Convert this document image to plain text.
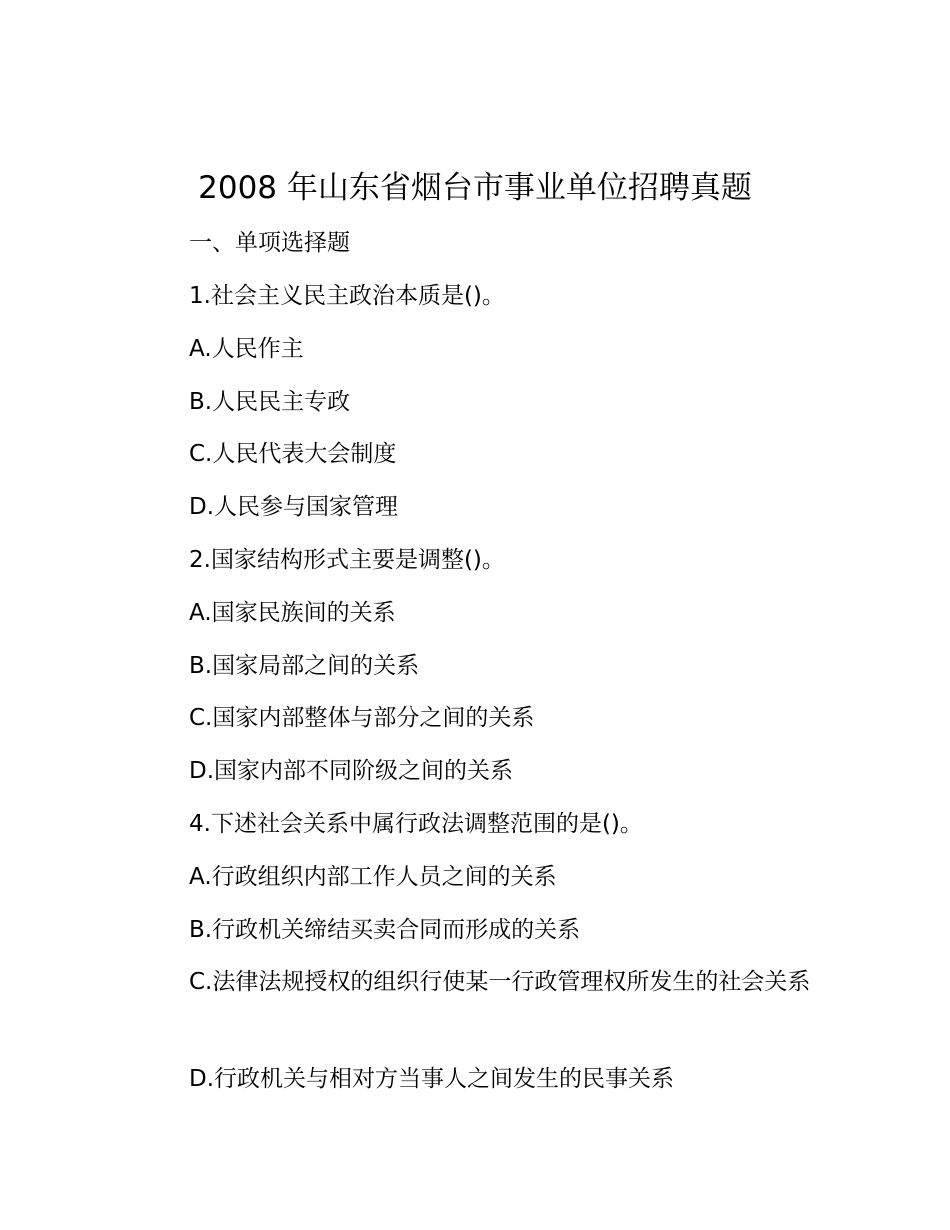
2008 年山东省烟台市事业单位招聘真题

一、单项选择题

1.社会主义民主政治本质是()。

A.人民作主

B.人民民主专政

C.人民代表大会制度

D.人民参与国家管理

2.国家结构形式主要是调整()。

A.国家民族间的关系

B.国家局部之间的关系

C.国家内部整体与部分之间的关系

D.国家内部不同阶级之间的关系

4.下述社会关系中属行政法调整范围的是()。

A.行政组织内部工作人员之间的关系

B.行政机关缔结买卖合同而形成的关系

C.法律法规授权的组织行使某一行政管理权所发生的社会关系

D.行政机关与相对方当事人之间发生的民事关系
